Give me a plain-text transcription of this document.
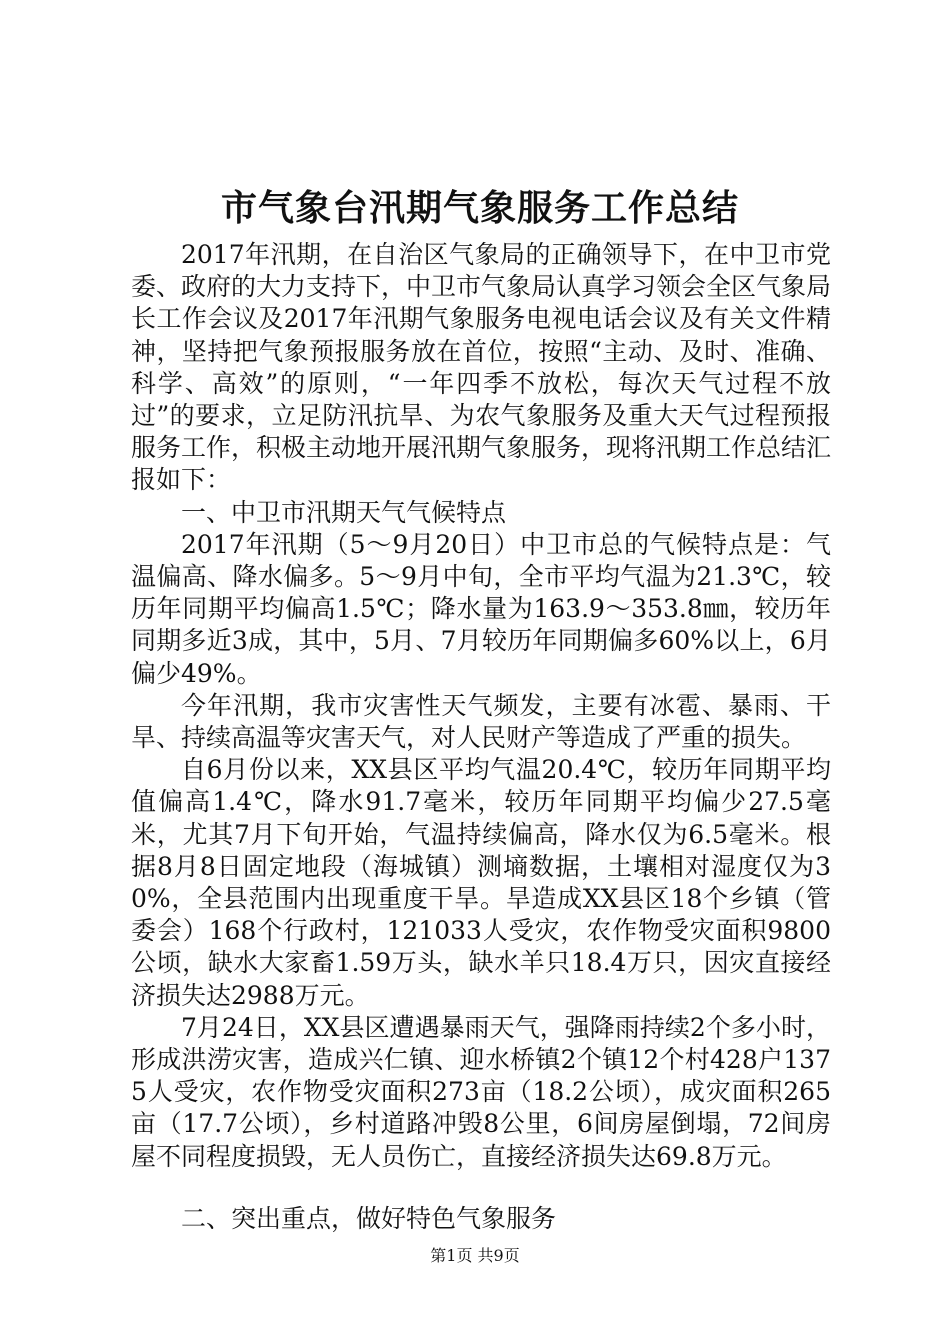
市气象台汛期气象服务工作总结

2017年汛期，在自治区气象局的正确领导下，在中卫市党委、政府的大力支持下，中卫市气象局认真学习领会全区气象局长工作会议及2017年汛期气象服务电视电话会议及有关文件精神，坚持把气象预报服务放在首位，按照“主动、及时、准确、科学、高效”的原则，“一年四季不放松，每次天气过程不放过”的要求，立足防汛抗旱、为农气象服务及重大天气过程预报服务工作，积极主动地开展汛期气象服务，现将汛期工作总结汇报如下：

一、中卫市汛期天气气候特点

2017年汛期（5～9月20日）中卫市总的气候特点是：气温偏高、降水偏多。5～9月中旬，全市平均气温为21.3℃，较历年同期平均偏高1.5℃；降水量为163.9～353.8㎜，较历年同期多近3成，其中，5月、7月较历年同期偏多60%以上，6月偏少49%。

今年汛期，我市灾害性天气频发，主要有冰雹、暴雨、干旱、持续高温等灾害天气，对人民财产等造成了严重的损失。

自6月份以来，XX县区平均气温20.4℃，较历年同期平均值偏高1.4℃，降水91.7毫米，较历年同期平均偏少27.5毫米，尤其7月下旬开始，气温持续偏高，降水仅为6.5毫米。根据8月8日固定地段（海城镇）测墒数据，土壤相对湿度仅为30%，全县范围内出现重度干旱。旱造成XX县区18个乡镇（管委会）168个行政村，121033人受灾，农作物受灾面积9800公顷，缺水大家畜1.59万头，缺水羊只18.4万只，因灾直接经济损失达2988万元。

7月24日，XX县区遭遇暴雨天气，强降雨持续2个多小时，形成洪涝灾害，造成兴仁镇、迎水桥镇2个镇12个村428户1375人受灾，农作物受灾面积273亩（18.2公顷），成灾面积265亩（17.7公顷），乡村道路冲毁8公里，6间房屋倒塌，72间房屋不同程度损毁，无人员伤亡，直接经济损失达69.8万元。

二、突出重点，做好特色气象服务

第1页 共9页
